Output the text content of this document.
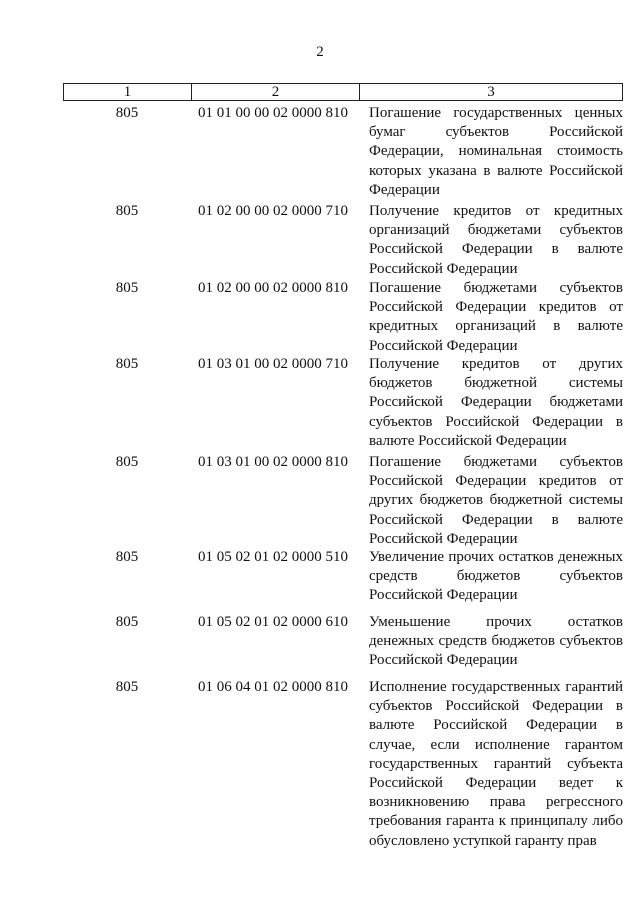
2
1	2	3
805	01 01 00 00 02 0000 810	Погашение государственных ценных бумаг субъектов Российской Федерации, номинальная стоимость которых указана в валюте Российской Федерации
805	01 02 00 00 02 0000 710	Получение кредитов от кредитных организаций бюджетами субъектов Российской Федерации в валюте Российской Федерации
805	01 02 00 00 02 0000 810	Погашение бюджетами субъектов Российской Федерации кредитов от кредитных организаций в валюте Российской Федерации
805	01 03 01 00 02 0000 710	Получение кредитов от других бюджетов бюджетной системы Российской Федерации бюджетами субъектов Российской Федерации в валюте Российской Федерации
805	01 03 01 00 02 0000 810	Погашение бюджетами субъектов Российской Федерации кредитов от других бюджетов бюджетной системы Российской Федерации в валюте Российской Федерации
805	01 05 02 01 02 0000 510	Увеличение прочих остатков денежных средств бюджетов субъектов Российской Федерации
805	01 05 02 01 02 0000 610	Уменьшение прочих остатков денежных средств бюджетов субъектов Российской Федерации
805	01 06 04 01 02 0000 810	Исполнение государственных гарантий субъектов Российской Федерации в валюте Российской Федерации в случае, если исполнение гарантом государственных гарантий субъекта Российской Федерации ведет к возникновению права регрессного требования гаранта к принципалу либо обусловлено уступкой гаранту прав
